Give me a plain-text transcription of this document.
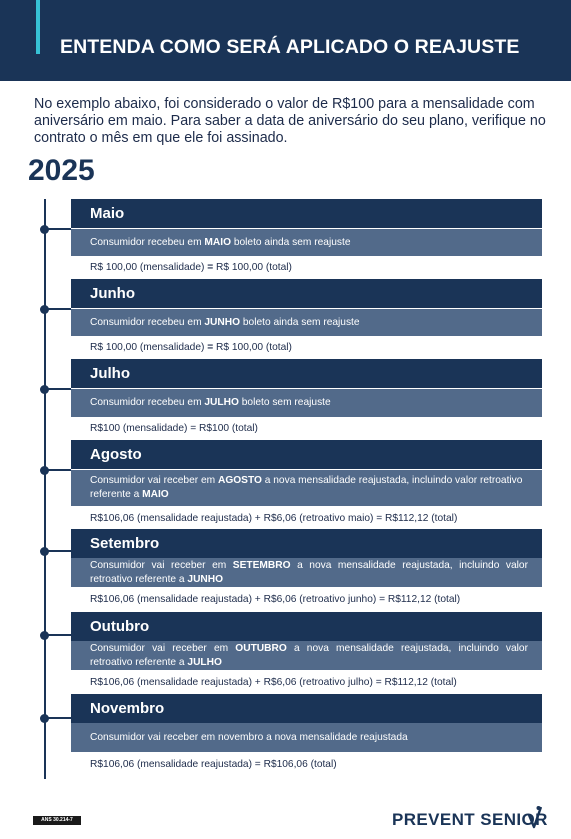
ENTENDA COMO SERÁ APLICADO O REAJUSTE
No exemplo abaixo, foi considerado o valor de R$100 para a mensalidade com aniversário em maio. Para saber a data de aniversário do seu plano, verifique no contrato o mês em que ele foi assinado.
2025
Maio
Consumidor recebeu em MAIO boleto ainda sem reajuste
R$ 100,00 (mensalidade) = R$ 100,00 (total)
Junho
Consumidor recebeu em JUNHO boleto ainda sem reajuste
R$ 100,00 (mensalidade) = R$ 100,00 (total)
Julho
Consumidor recebeu em JULHO boleto sem reajuste
R$100 (mensalidade) = R$100 (total)
Agosto
Consumidor vai receber em AGOSTO a nova mensalidade reajustada, incluindo valor retroativo referente a MAIO
R$106,06 (mensalidade reajustada) + R$6,06 (retroativo maio) = R$112,12 (total)
Setembro
Consumidor vai receber em SETEMBRO a nova mensalidade reajustada, incluindo valor retroativo referente a JUNHO
R$106,06 (mensalidade reajustada) + R$6,06 (retroativo junho) = R$112,12 (total)
Outubro
Consumidor vai receber em OUTUBRO a nova mensalidade reajustada, incluindo valor retroativo referente a JULHO
R$106,06 (mensalidade reajustada) + R$6,06 (retroativo julho) = R$112,12 (total)
Novembro
Consumidor vai receber em novembro a nova mensalidade reajustada
R$106,06 (mensalidade reajustada) = R$106,06 (total)
ANS 30.214-7	PREVENT SENIOR
